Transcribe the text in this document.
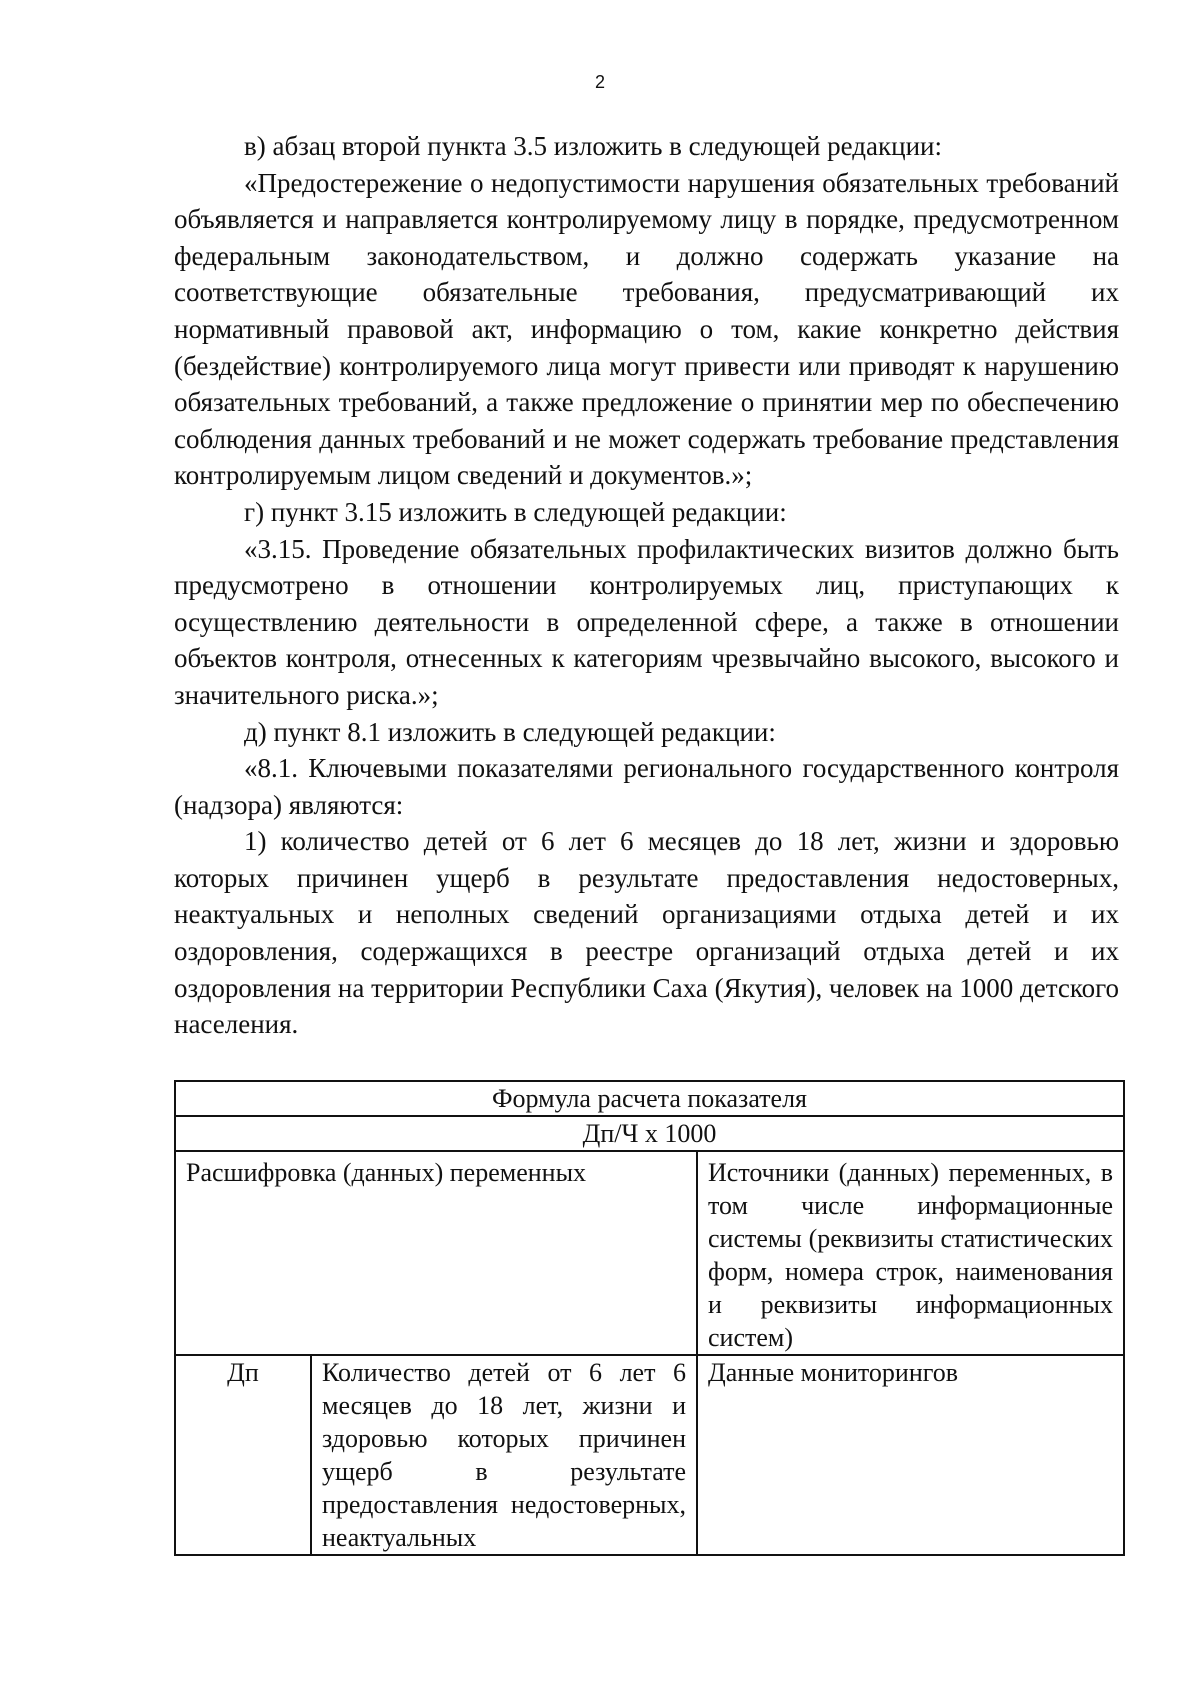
2

в) абзац второй пункта 3.5 изложить в следующей редакции:

«Предостережение о недопустимости нарушения обязательных требований объявляется и направляется контролируемому лицу в порядке, предусмотренном федеральным законодательством, и должно содержать указание на соответствующие обязательные требования, предусматривающий их нормативный правовой акт, информацию о том, какие конкретно действия (бездействие) контролируемого лица могут привести или приводят к нарушению обязательных требований, а также предложение о принятии мер по обеспечению соблюдения данных требований и не может содержать требование представления контролируемым лицом сведений и документов.»;

г) пункт 3.15 изложить в следующей редакции:

«3.15. Проведение обязательных профилактических визитов должно быть предусмотрено в отношении контролируемых лиц, приступающих к осуществлению деятельности в определенной сфере, а также в отношении объектов контроля, отнесенных к категориям чрезвычайно высокого, высокого и значительного риска.»;

д) пункт 8.1 изложить в следующей редакции:

«8.1. Ключевыми показателями регионального государственного контроля (надзора) являются:

1) количество детей от 6 лет 6 месяцев до 18 лет, жизни и здоровью которых причинен ущерб в результате предоставления недостоверных, неактуальных и неполных сведений организациями отдыха детей и их оздоровления, содержащихся в реестре организаций отдыха детей и их оздоровления на территории Республики Саха (Якутия), человек на 1000 детского населения.

Формула расчета показателя		
Дп/Ч х 1000		
Расшифровка (данных) переменных		Источники (данных) переменных, в том числе информационные системы (реквизиты статистических форм, номера строк, наименования и реквизиты информационных систем)
Дп	Количество детей от 6 лет 6 месяцев до 18 лет, жизни и здоровью которых причинен ущерб в результате предоставления недостоверных, неактуальных	Данные мониторингов
